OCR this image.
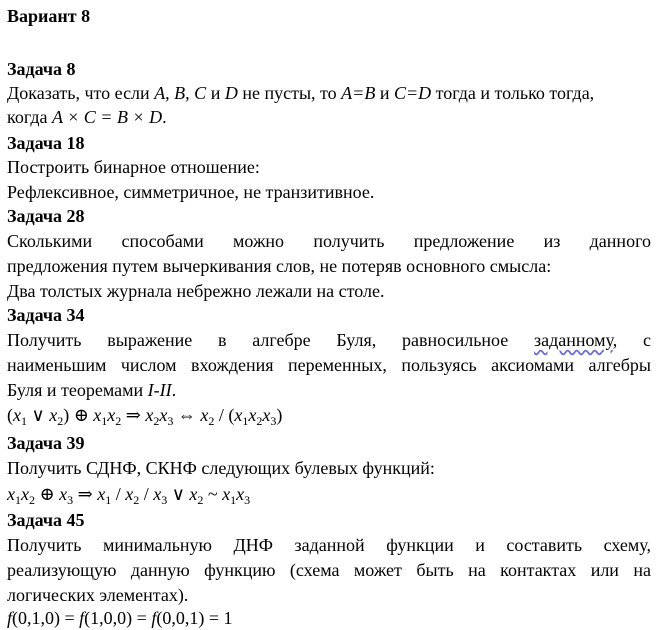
Вариант 8
Задача 8
Доказать, что если A, B, C и D не пусты, то A=B и C=D тогда и только тогда,
когда A × C = B × D.
Задача 18
Построить бинарное отношение:
Рефлексивное, симметричное, не транзитивное.
Задача 28
Сколькими способами можно получить предложение из данного
предложения путем вычеркивания слов, не потеряв основного смысла:
Два толстых журнала небрежно лежали на столе.
Задача 34
Получить выражение в алгебре Буля, равносильное заданному, с
наименьшим числом вхождения переменных, пользуясь аксиомами алгебры
Буля и теоремами I-II.
($x_1$ ∨ $x_2$) ⊕ $x_1x_2$ ⇒ $x_2x_3$ ⇔ $x_2 / (x_1x_2x_3)$
Задача 39
Получить СДНФ, СКНФ следующих булевых функций:
$x_1x_2$ ⊕ $x_3$ ⇒ $x_1 / x_2 / x_3$ ∨ $x_2$ ~ $x_1x_3$
Задача 45
Получить минимальную ДНФ заданной функции и составить схему,
реализующую данную функцию (схема может быть на контактах или на
логических элементах).
f(0,1,0) = f(1,0,0) = f(0,0,1) = 1
